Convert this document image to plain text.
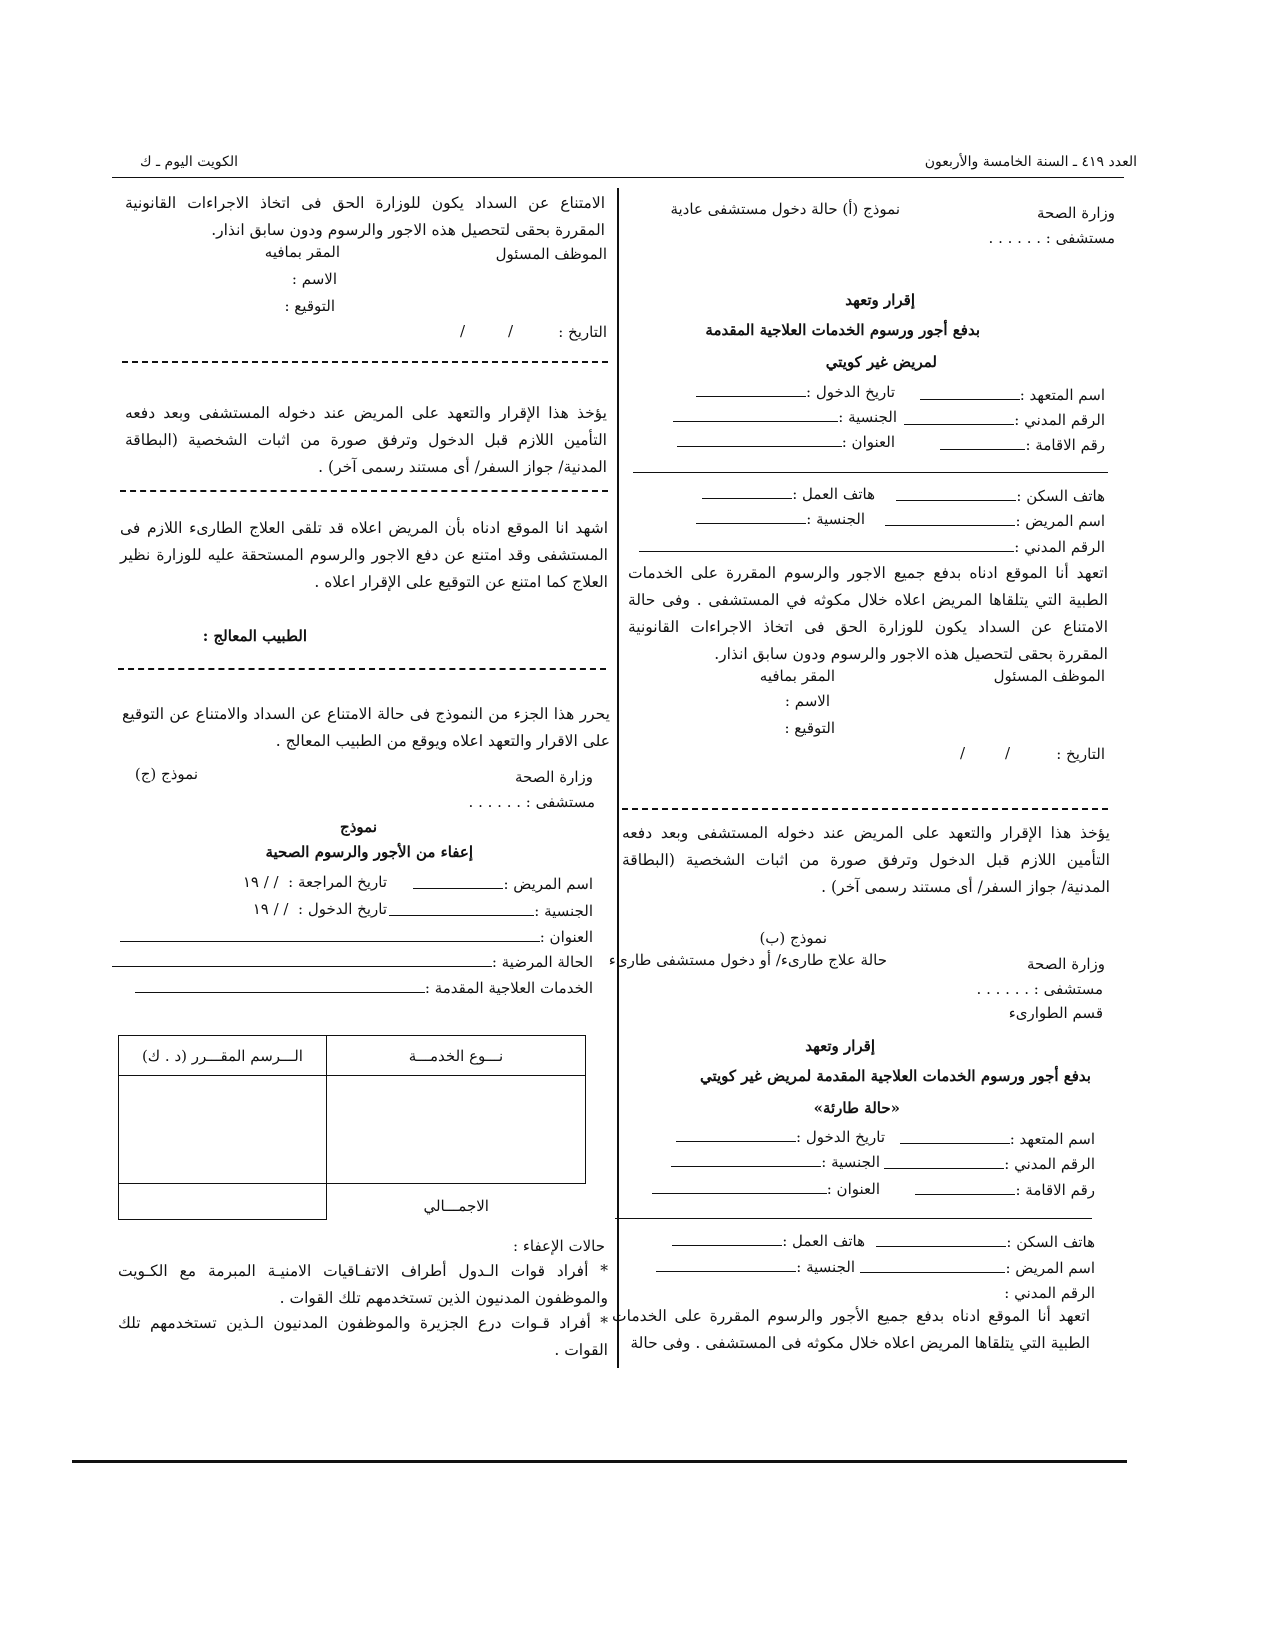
العدد ٤١٩ ـ السنة الخامسة والأربعون
الكويت اليوم ـ ك
وزارة الصحة
نموذج (أ) حالة دخول مستشفى عادية
مستشفى : . . . . . .
إقرار وتعهد
بدفع أجور ورسوم الخدمات العلاجية المقدمة
لمريض غير كويتي
اسم المتعهد :
تاريخ الدخول :
الرقم المدني :
الجنسية :
رقم الاقامة :
العنوان :
هاتف السكن :
هاتف العمل :
اسم المريض :
الجنسية :
الرقم المدني :
اتعهد أنا الموقع ادناه بدفع جميع الاجور والرسوم المقررة على الخدمات الطبية التي يتلقاها المريض اعلاه خلال مكوثه في المستشفى . وفى حالة الامتناع عن السداد يكون للوزارة الحق فى اتخاذ الاجراءات القانونية المقررة بحقى لتحصيل هذه الاجور والرسوم ودون سابق انذار.
الموظف المسئول
المقر بمافيه
الاسم :
التوقيع :
التاريخ :
/
/
يؤخذ هذا الإقرار والتعهد على المريض عند دخوله المستشفى وبعد دفعه التأمين اللازم قبل الدخول وترفق صورة من اثبات الشخصية (البطاقة المدنية/ جواز السفر/ أى مستند رسمى آخر) .
نموذج (ب)
وزارة الصحة
حالة علاج طارىء/ أو دخول مستشفى طارىء
مستشفى : . . . . . .
قسم الطوارىء
إقرار وتعهد
بدفع أجور ورسوم الخدمات العلاجية المقدمة لمريض غير كويتي
«حالة طارئة»
اسم المتعهد :
تاريخ الدخول :
الرقم المدني :
الجنسية :
رقم الاقامة :
العنوان :
هاتف السكن :
هاتف العمل :
اسم المريض :
الجنسية :
الرقم المدني :
اتعهد أنا الموقع ادناه بدفع جميع الأجور والرسوم المقررة على الخدمات الطبية التي يتلقاها المريض اعلاه خلال مكوثه فى المستشفى . وفى حالة
الامتناع عن السداد يكون للوزارة الحق فى اتخاذ الاجراءات القانونية المقررة بحقى لتحصيل هذه الاجور والرسوم ودون سابق انذار.
الموظف المسئول
المقر بمافيه
الاسم :
التوقيع :
التاريخ :
/
/
يؤخذ هذا الإقرار والتعهد على المريض عند دخوله المستشفى وبعد دفعه التأمين اللازم قبل الدخول وترفق صورة من اثبات الشخصية (البطاقة المدنية/ جواز السفر/ أى مستند رسمى آخر) .
اشهد انا الموقع ادناه بأن المريض اعلاه قد تلقى العلاج الطارىء اللازم فى المستشفى وقد امتنع عن دفع الاجور والرسوم المستحقة عليه للوزارة نظير العلاج كما امتنع عن التوقيع على الإقرار اعلاه .
الطبيب المعالج :
يحرر هذا الجزء من النموذج فى حالة الامتناع عن السداد والامتناع عن التوقيع على الاقرار والتعهد اعلاه ويوقع من الطبيب المعالج .
وزارة الصحة
نموذج (ج)
مستشفى : . . . . . .
نموذج
إعفاء من الأجور والرسوم الصحية
اسم المريض :
تاريخ المراجعة :  / / ١٩
الجنسية :
تاريخ الدخول :  / / ١٩
العنوان :
الحالة المرضية :
الخدمات العلاجية المقدمة :
نـــوع الخدمـــة	الـــرسم المقـــرر (د . ك)

الاجمـــالي	

حالات الإعفاء :
* أفراد قوات الـدول أطراف الاتفـاقيات الامنيـة المبرمة مع الكـويت والموظفون المدنيون الذين تستخدمهم تلك القوات .
* أفراد قـوات درع الجزيرة والموظفون المدنيون الـذين تستخدمهم تلك القوات .
